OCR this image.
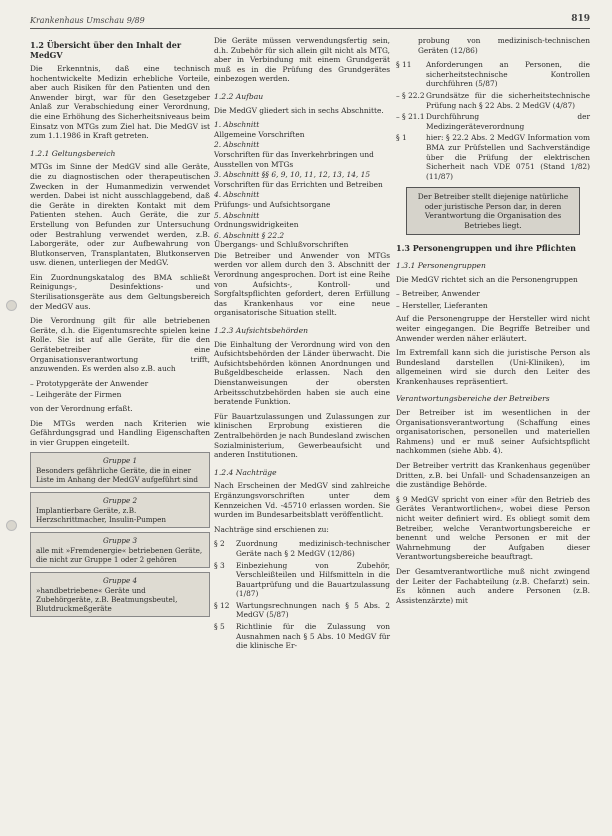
Krankenhaus Umschau 9/89	819
1.2 Übersicht über den Inhalt der MedGV

Die Erkenntnis, daß eine technisch hochentwickelte Medizin erhebliche Vorteile, aber auch Risiken für den Patienten und den Anwender birgt, war für den Gesetzgeber Anlaß zur Verabschiedung einer Verordnung, die eine Erhöhung des Sicherheitsniveaus beim Einsatz von MTGs zum Ziel hat. Die MedGV ist zum 1.1.1986 in Kraft getreten.

1.2.1 Geltungsbereich

MTGs im Sinne der MedGV sind alle Geräte, die zu diagnostischen oder therapeutischen Zwecken in der Humanmedizin verwendet werden. Dabei ist nicht ausschlaggebend, daß die Geräte in direkten Kontakt mit dem Patienten stehen. Auch Geräte, die zur Erstellung von Befunden zur Untersuchung oder Bestrahlung verwendet werden, z.B. Laborgeräte, oder zur Aufbewahrung von Blutkonserven, Transplantaten, Blutkonserven usw. dienen, unterliegen der MedGV.

Ein Zuordnungskatalog des BMA schließt Reinigungs-, Desinfektions- und Sterilisationsgeräte aus dem Geltungsbereich der MedGV aus.

Die Verordnung gilt für alle betriebenen Geräte, d.h. die Eigentumsrechte spielen keine Rolle. Sie ist auf alle Geräte, für die den Gerätebetreiber eine Organisationsverantwortung trifft, anzuwenden. Es werden also z.B. auch

– Prototypgeräte der Anwender
– Leihgeräte der Firmen

von der Verordnung erfaßt.

Die MTGs werden nach Kriterien wie Gefährdungsgrad und Handling Eigenschaften in vier Gruppen eingeteilt.

Gruppe 1
Besonders gefährliche Geräte, die in einer Liste im Anhang der MedGV aufgeführt sind
Gruppe 2
Implantierbare Geräte, z.B. Herzschrittmacher, Insulin-Pumpen
Gruppe 3
alle mit »Fremdenergie« betriebenen Geräte, die nicht zur Gruppe 1 oder 2 gehören
Gruppe 4
»handbetriebene« Geräte und Zubehörgeräte, z.B. Beatmungsbeutel, Blutdruckmeßgeräte

Die Geräte müssen verwendungsfertig sein, d.h. Zubehör für sich allein gilt nicht als MTG, aber in Verbindung mit einem Grundgerät muß es in die Prüfung des Grundgerätes einbezogen werden.

1.2.2 Aufbau

Die MedGV gliedert sich in sechs Abschnitte.

1. Abschnitt
Allgemeine Vorschriften
2. Abschnitt
Vorschriften für das Inverkehrbringen und Ausstellen von MTGs
3. Abschnitt §§ 6, 9, 10, 11, 12, 13, 14, 15
Vorschriften für das Errichten und Betreiben
4. Abschnitt
Prüfungs- und Aufsichtsorgane
5. Abschnitt
Ordnungswidrigkeiten
6. Abschnitt § 22.2
Übergangs- und Schlußvorschriften

Die Betreiber und Anwender von MTGs werden vor allem durch den 3. Abschnitt der Verordnung angesprochen. Dort ist eine Reihe von Aufsichts-, Kontroll- und Sorgfaltspflichten gefordert, deren Erfüllung das Krankenhaus vor eine neue organisatorische Situation stellt.

1.2.3 Aufsichtsbehörden

Die Einhaltung der Verordnung wird von den Aufsichtsbehörden der Länder überwacht. Die Aufsichtsbehörden können Anordnungen und Bußgeldbescheide erlassen. Nach den Dienstanweisungen der obersten Arbeitsschutzbehörden haben sie auch eine beratende Funktion.

Für Bauartzulassungen und Zulassungen zur klinischen Erprobung existieren die Zentralbehörden je nach Bundesland zwischen Sozialministerium, Gewerbeaufsicht und anderen Institutionen.

1.2.4 Nachträge

Nach Erscheinen der MedGV sind zahlreiche Ergänzungsvorschriften unter dem Kennzeichen Vd. -45710 erlassen worden. Sie wurden im Bundesarbeitsblatt veröffentlicht.

Nachträge sind erschienen zu:

§ 2	Zuordnung medizinisch-technischer Geräte nach § 2 MedGV (12/86)
§ 3	Einbeziehung von Zubehör, Verschleißteilen und Hilfsmitteln in die Bauartprüfung und die Bauartzulassung (1/87)
§ 12 Wartungsrechnungen nach § 5 Abs. 2 MedGV (5/87)
§ 5	Richtlinie für die Zulassung von Ausnahmen nach § 5 Abs. 10 MedGV für die klinische Er-

probung von medizinisch-technischen Geräten (12/86)

§ 11	Anforderungen an Personen, die sicherheitstechnische Kontrollen durchführen (5/87)
– § 22.2 Grundsätze für die sicherheitstechnische Prüfung nach § 22 Abs. 2 MedGV (4/87)
– § 21.1 Durchführung der Medizingeräteverordnung
§ 1	hier: § 22.2 Abs. 2 MedGV Information vom BMA zur Prüfstellen und Sachverständige über die Prüfung der elektrischen Sicherheit nach VDE 0751 (Stand 1/82) (11/87)
Der Betreiber stellt diejenige natürliche oder juristische Person dar, in deren Verantwortung die Organisation des Betriebes liegt.
1.3 Personengruppen und ihre Pflichten
1.3.1 Personengruppen

Die MedGV richtet sich an die Personengruppen

– Betreiber, Anwender
– Hersteller, Lieferanten

Auf die Personengruppe der Hersteller wird nicht weiter eingegangen. Die Begriffe Betreiber und Anwender werden näher erläutert.

Im Extremfall kann sich die juristische Person als Bundesland darstellen (Uni-Kliniken), im allgemeinen wird sie durch den Leiter des Krankenhauses repräsentiert.

Verantwortungsbereiche der Betreibers

Der Betreiber ist im wesentlichen in der Organisationsverantwortung (Schaffung eines organisatorischen, personellen und materiellen Rahmens) und er muß seiner Aufsichtspflicht nachkommen (siehe Abb. 4).

Der Betreiber vertritt das Krankenhaus gegenüber Dritten, z.B. bei Unfall- und Schadensanzeigen an die zuständige Behörde.

§ 9 MedGV spricht von einer »für den Betrieb des Gerätes Verantwortlichen«, wobei diese Person nicht weiter definiert wird. Es obliegt somit dem Betreiber, welche Verantwortungsbereiche er benennt und welche Personen er mit der Wahrnehmung der Aufgaben dieser Verantwortungsbereiche beauftragt.

Der Gesamtverantwortliche muß nicht zwingend der Leiter der Fachabteilung (z.B. Chefarzt) sein. Es können auch andere Personen (z.B. Assistenzärzte) mit
